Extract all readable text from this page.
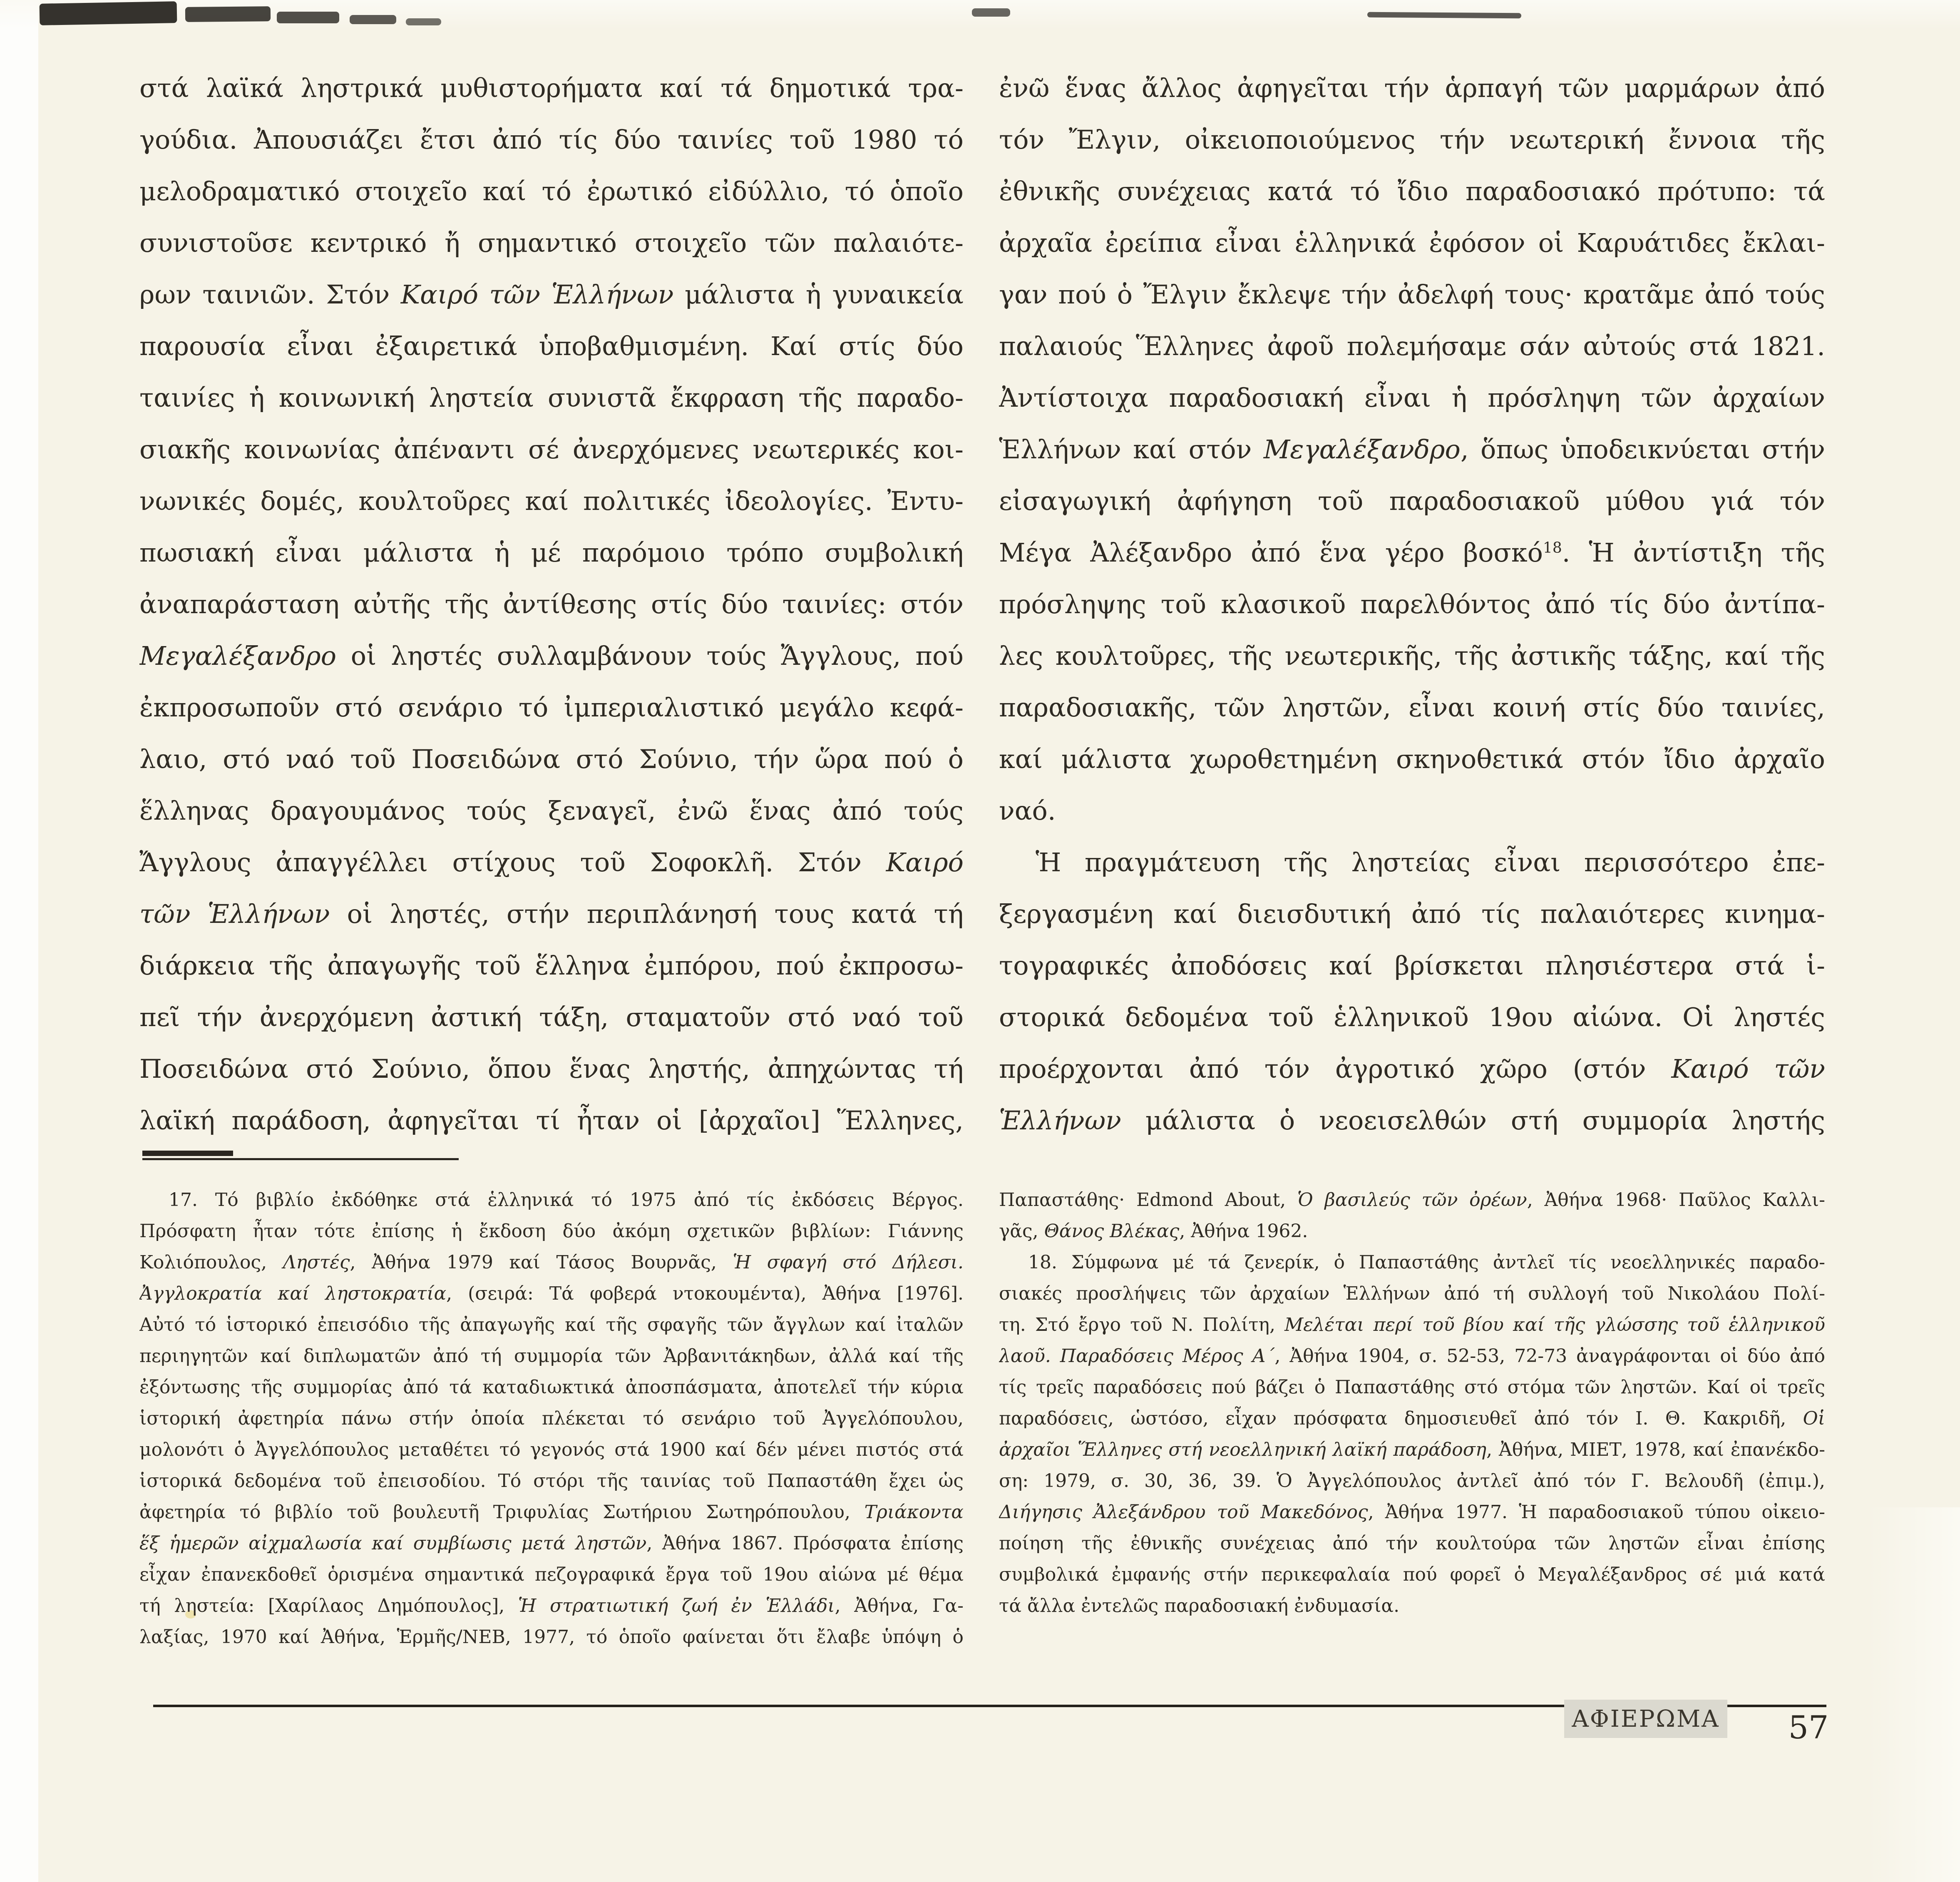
στά λαϊκά ληστρικά μυθιστορήματα καί τά δημοτικά τρα-
γούδια. Ἀπουσιάζει ἔτσι ἀπό τίς δύο ταινίες τοῦ 1980 τό
μελοδραματικό στοιχεῖο καί τό ἐρωτικό εἰδύλλιο, τό ὁποῖο
συνιστοῦσε κεντρικό ἤ σημαντικό στοιχεῖο τῶν παλαιότε-
ρων ταινιῶν. Στόν Καιρό τῶν Ἑλλήνων μάλιστα ἡ γυναικεία
παρουσία εἶναι ἐξαιρετικά ὑποβαθμισμένη. Καί στίς δύο
ταινίες ἡ κοινωνική ληστεία συνιστᾶ ἔκφραση τῆς παραδο-
σιακῆς κοινωνίας ἀπέναντι σέ ἀνερχόμενες νεωτερικές κοι-
νωνικές δομές, κουλτοῦρες καί πολιτικές ἰδεολογίες. Ἐντυ-
πωσιακή εἶναι μάλιστα ἡ μέ παρόμοιο τρόπο συμβολική
ἀναπαράσταση αὐτῆς τῆς ἀντίθεσης στίς δύο ταινίες: στόν
Μεγαλέξανδρο οἱ ληστές συλλαμβάνουν τούς Ἄγγλους, πού
ἐκπροσωποῦν στό σενάριο τό ἰμπεριαλιστικό μεγάλο κεφά-
λαιο, στό ναό τοῦ Ποσειδώνα στό Σούνιο, τήν ὥρα πού ὁ
ἕλληνας δραγουμάνος τούς ξεναγεῖ, ἐνῶ ἕνας ἀπό τούς
Ἄγγλους ἀπαγγέλλει στίχους τοῦ Σοφοκλῆ. Στόν Καιρό
τῶν Ἑλλήνων οἱ ληστές, στήν περιπλάνησή τους κατά τή
διάρκεια τῆς ἀπαγωγῆς τοῦ ἕλληνα ἐμπόρου, πού ἐκπροσω-
πεῖ τήν ἀνερχόμενη ἀστική τάξη, σταματοῦν στό ναό τοῦ
Ποσειδώνα στό Σούνιο, ὅπου ἕνας ληστής, ἀπηχώντας τή
λαϊκή παράδοση, ἀφηγεῖται τί ἦταν οἱ [ἀρχαῖοι] Ἕλληνες,
ἐνῶ ἕνας ἄλλος ἀφηγεῖται τήν ἁρπαγή τῶν μαρμάρων ἀπό
τόν Ἔλγιν, οἰκειοποιούμενος τήν νεωτερική ἔννοια τῆς
ἐθνικῆς συνέχειας κατά τό ἴδιο παραδοσιακό πρότυπο: τά
ἀρχαῖα ἐρείπια εἶναι ἑλληνικά ἐφόσον οἱ Καρυάτιδες ἔκλαι-
γαν πού ὁ Ἔλγιν ἔκλεψε τήν ἀδελφή τους· κρατᾶμε ἀπό τούς
παλαιούς Ἕλληνες ἀφοῦ πολεμήσαμε σάν αὐτούς στά 1821.
Ἀντίστοιχα παραδοσιακή εἶναι ἡ πρόσληψη τῶν ἀρχαίων
Ἑλλήνων καί στόν Μεγαλέξανδρο, ὅπως ὑποδεικνύεται στήν
εἰσαγωγική ἀφήγηση τοῦ παραδοσιακοῦ μύθου γιά τόν
Μέγα Ἀλέξανδρο ἀπό ἕνα γέρο βοσκό$^{18}$. Ἡ ἀντίστιξη τῆς
πρόσληψης τοῦ κλασικοῦ παρελθόντος ἀπό τίς δύο ἀντίπα-
λες κουλτοῦρες, τῆς νεωτερικῆς, τῆς ἀστικῆς τάξης, καί τῆς
παραδοσιακῆς, τῶν ληστῶν, εἶναι κοινή στίς δύο ταινίες,
καί μάλιστα χωροθετημένη σκηνοθετικά στόν ἴδιο ἀρχαῖο
ναό.
Ἡ πραγμάτευση τῆς ληστείας εἶναι περισσότερο ἐπε-
ξεργασμένη καί διεισδυτική ἀπό τίς παλαιότερες κινημα-
τογραφικές ἀποδόσεις καί βρίσκεται πλησιέστερα στά ἱ-
στορικά δεδομένα τοῦ ἑλληνικοῦ 19ου αἰώνα. Οἱ ληστές
προέρχονται ἀπό τόν ἀγροτικό χῶρο (στόν Καιρό τῶν
Ἑλλήνων μάλιστα ὁ νεοεισελθών στή συμμορία ληστής
17. Τό βιβλίο ἐκδόθηκε στά ἑλληνικά τό 1975 ἀπό τίς ἐκδόσεις Βέργος.
Πρόσφατη ἦταν τότε ἐπίσης ἡ ἔκδοση δύο ἀκόμη σχετικῶν βιβλίων: Γιάννης
Κολιόπουλος, Ληστές, Ἀθήνα 1979 καί Τάσος Βουρνᾶς, Ἡ σφαγή στό Δήλεσι.
Ἀγγλοκρατία καί ληστοκρατία, (σειρά: Τά φοβερά ντοκουμέντα), Ἀθήνα [1976].
Αὐτό τό ἱστορικό ἐπεισόδιο τῆς ἀπαγωγῆς καί τῆς σφαγῆς τῶν ἄγγλων καί ἰταλῶν
περιηγητῶν καί διπλωματῶν ἀπό τή συμμορία τῶν Ἀρβανιτάκηδων, ἀλλά καί τῆς
ἐξόντωσης τῆς συμμορίας ἀπό τά καταδιωκτικά ἀποσπάσματα, ἀποτελεῖ τήν κύρια
ἱστορική ἀφετηρία πάνω στήν ὁποία πλέκεται τό σενάριο τοῦ Ἀγγελόπουλου,
μολονότι ὁ Ἀγγελόπουλος μεταθέτει τό γεγονός στά 1900 καί δέν μένει πιστός στά
ἱστορικά δεδομένα τοῦ ἐπεισοδίου. Τό στόρι τῆς ταινίας τοῦ Παπαστάθη ἔχει ὡς
ἀφετηρία τό βιβλίο τοῦ βουλευτῆ Τριφυλίας Σωτήριου Σωτηρόπουλου, Τριάκοντα
ἕξ ἡμερῶν αἰχμαλωσία καί συμβίωσις μετά ληστῶν, Ἀθήνα 1867. Πρόσφατα ἐπίσης
εἶχαν ἐπανεκδοθεῖ ὁρισμένα σημαντικά πεζογραφικά ἔργα τοῦ 19ου αἰώνα μέ θέμα
τή ληστεία: [Χαρίλαος Δημόπουλος], Ἡ στρατιωτική ζωή ἐν Ἑλλάδι, Ἀθήνα, Γα-
λαξίας, 1970 καί Ἀθήνα, Ἑρμῆς/ΝΕΒ, 1977, τό ὁποῖο φαίνεται ὅτι ἔλαβε ὑπόψη ὁ
Παπαστάθης· Edmond About, Ὁ βασιλεύς τῶν ὀρέων, Ἀθήνα 1968· Παῦλος Καλλι-
γᾶς, Θάνος Βλέκας, Ἀθήνα 1962.
18. Σύμφωνα μέ τά ζενερίκ, ὁ Παπαστάθης ἀντλεῖ τίς νεοελληνικές παραδο-
σιακές προσλήψεις τῶν ἀρχαίων Ἑλλήνων ἀπό τή συλλογή τοῦ Νικολάου Πολί-
τη. Στό ἔργο τοῦ Ν. Πολίτη, Μελέται περί τοῦ βίου καί τῆς γλώσσης τοῦ ἑλληνικοῦ
λαοῦ. Παραδόσεις Μέρος Α΄, Ἀθήνα 1904, σ. 52-53, 72-73 ἀναγράφονται οἱ δύο ἀπό
τίς τρεῖς παραδόσεις πού βάζει ὁ Παπαστάθης στό στόμα τῶν ληστῶν. Καί οἱ τρεῖς
παραδόσεις, ὡστόσο, εἶχαν πρόσφατα δημοσιευθεῖ ἀπό τόν Ι. Θ. Κακριδῆ, Οἱ
ἀρχαῖοι Ἕλληνες στή νεοελληνική λαϊκή παράδοση, Ἀθήνα, ΜΙΕΤ, 1978, καί ἐπανέκδο-
ση: 1979, σ. 30, 36, 39. Ὁ Ἀγγελόπουλος ἀντλεῖ ἀπό τόν Γ. Βελουδῆ (ἐπιμ.),
Διήγησις Ἀλεξάνδρου τοῦ Μακεδόνος, Ἀθήνα 1977. Ἡ παραδοσιακοῦ τύπου οἰκειο-
ποίηση τῆς ἐθνικῆς συνέχειας ἀπό τήν κουλτούρα τῶν ληστῶν εἶναι ἐπίσης
συμβολικά ἐμφανής στήν περικεφαλαία πού φορεῖ ὁ Μεγαλέξανδρος σέ μιά κατά
τά ἄλλα ἐντελῶς παραδοσιακή ἐνδυμασία.
ΑΦΙΕΡΩΜΑ 57
